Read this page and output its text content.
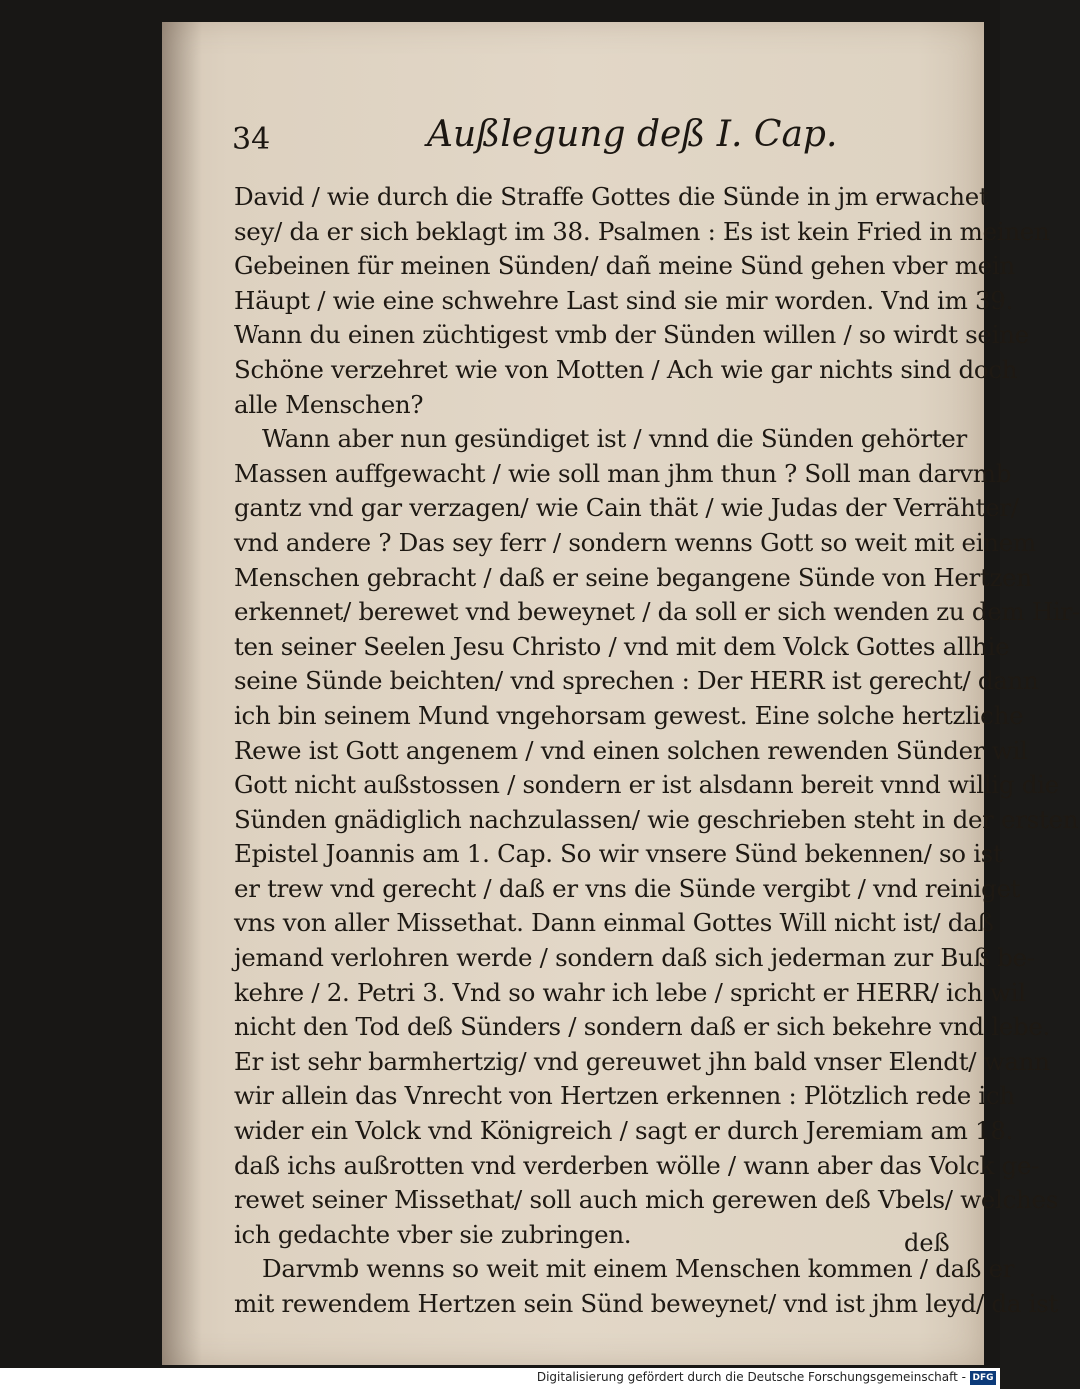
34	Außlegung deß I. Cap.
David / wie durch die Straffe Gottes die Sünde in jm erwachet
sey/ da er sich beklagt im 38. Psalmen : Es ist kein Fried in meinen
Gebeinen für meinen Sünden/ dañ meine Sünd gehen vber mein
Häupt / wie eine schwehre Last sind sie mir worden. Vnd im 39.
Wann du einen züchtigest vmb der Sünden willen / so wirdt seine
Schöne verzehret wie von Motten / Ach wie gar nichts sind doch
alle Menschen?
Wann aber nun gesündiget ist / vnnd die Sünden gehörter
Massen auffgewacht / wie soll man jhm thun ? Soll man darvmb
gantz vnd gar verzagen/ wie Cain thät / wie Judas der Verrähter/
vnd andere ? Das sey ferr / sondern wenns Gott so weit mit einem
Menschen gebracht / daß er seine begangene Sünde von Hertzen
erkennet/ berewet vnd beweynet / da soll er sich wenden zu dem Hir-
ten seiner Seelen Jesu Christo / vnd mit dem Volck Gottes allhie
seine Sünde beichten/ vnd sprechen : Der HERR ist gerecht/ dann
ich bin seinem Mund vngehorsam gewest. Eine solche hertzliche
Rewe ist Gott angenem / vnd einen solchen rewenden Sünder wil
Gott nicht außstossen / sondern er ist alsdann bereit vnnd willig die
Sünden gnädiglich nachzulassen/ wie geschrieben steht in der ersten
Epistel Joannis am 1. Cap. So wir vnsere Sünd bekennen/ so ist
er trew vnd gerecht / daß er vns die Sünde vergibt / vnd reiniget
vns von aller Missethat. Dann einmal Gottes Will nicht ist/ daß
jemand verlohren werde / sondern daß sich jederman zur Buß be-
kehre / 2. Petri 3. Vnd so wahr ich lebe / spricht er HERR/ ich wil
nicht den Tod deß Sünders / sondern daß er sich bekehre vnd lebe.
Er ist sehr barmhertzig/ vnd gereuwet jhn bald vnser Elendt/ wann
wir allein das Vnrecht von Hertzen erkennen : Plötzlich rede ich
wider ein Volck vnd Königreich / sagt er durch Jeremiam am 18.
daß ichs außrotten vnd verderben wölle / wann aber das Volck ge-
rewet seiner Missethat/ soll auch mich gerewen deß Vbels/ welches
ich gedachte vber sie zubringen.
Darvmb wenns so weit mit einem Menschen kommen / daß er
mit rewendem Hertzen sein Sünd beweynet/ vnd ist jhm leyd/ da ist
deß
Digitalisierung gefördert durch die Deutsche Forschungsgemeinschaft - DFG
